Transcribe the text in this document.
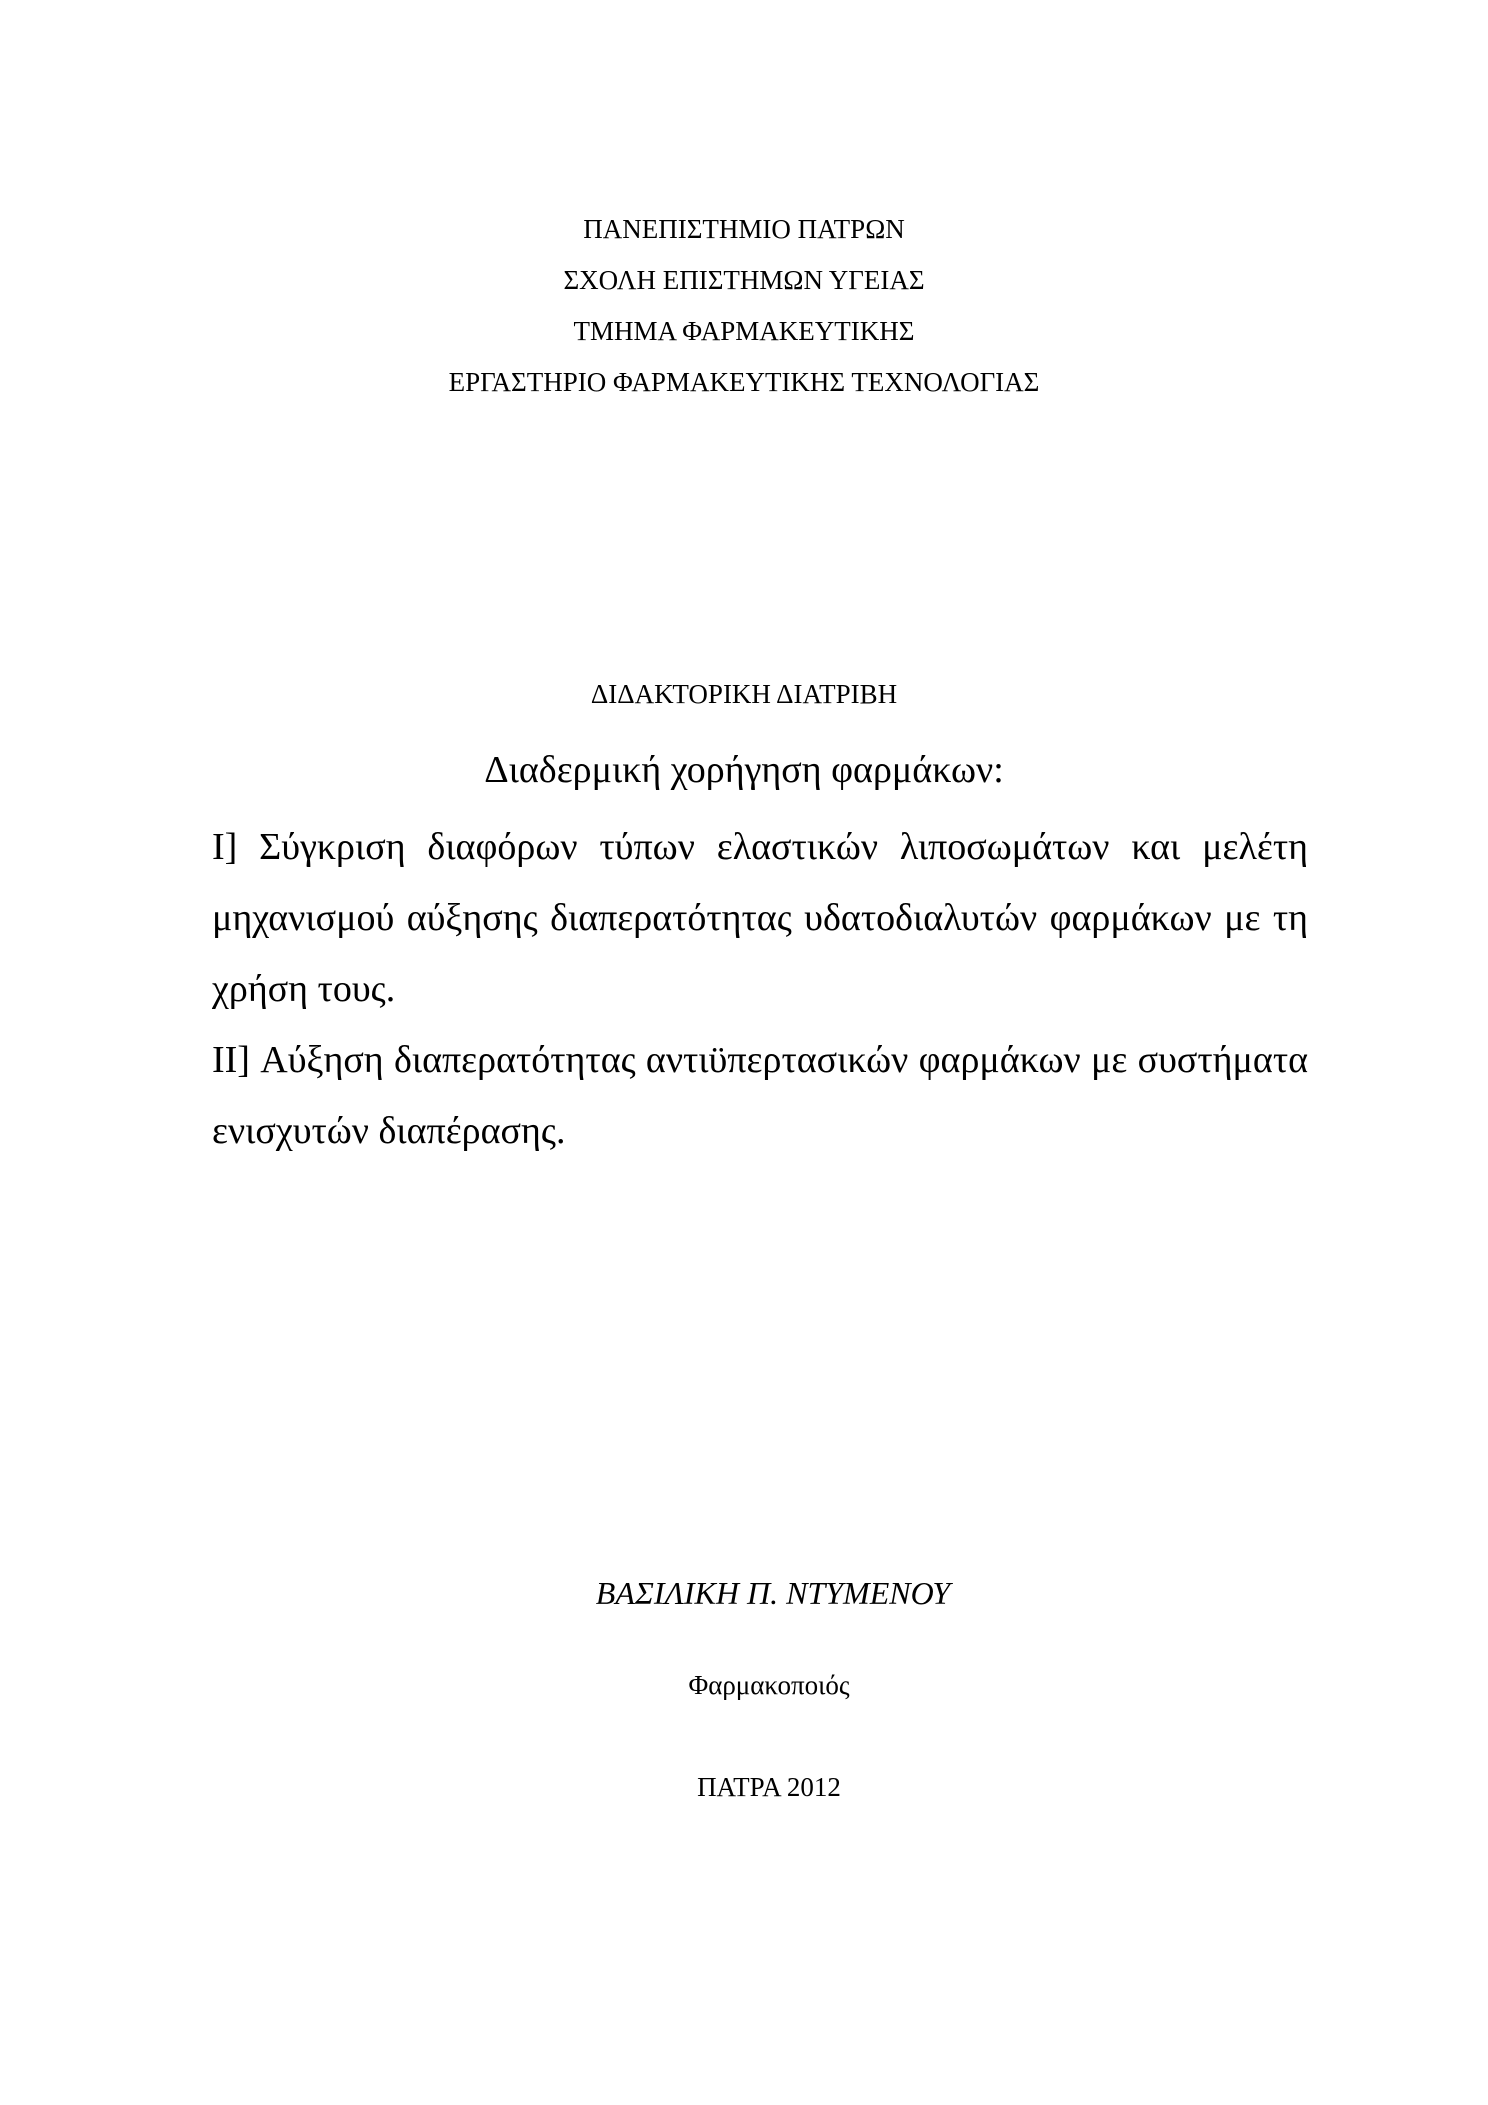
ΠΑΝΕΠΙΣΤΗΜΙΟ ΠΑΤΡΩΝ
ΣΧΟΛΗ ΕΠΙΣΤΗΜΩΝ ΥΓΕΙΑΣ
ΤΜΗΜΑ ΦΑΡΜΑΚΕΥΤΙΚΗΣ
ΕΡΓΑΣΤΗΡΙΟ ΦΑΡΜΑΚΕΥΤΙΚΗΣ ΤΕΧΝΟΛΟΓΙΑΣ
ΔΙΔΑΚΤΟΡΙΚΗ ΔΙΑΤΡΙΒΗ
Διαδερμική χορήγηση φαρμάκων:

I] Σύγκριση διαφόρων τύπων ελαστικών λιποσωμάτων και μελέτη μηχανισμού αύξησης διαπερατότητας υδατοδιαλυτών φαρμάκων με τη χρήση τους.

II] Αύξηση διαπερατότητας αντιϋπερτασικών φαρμάκων με συστήματα ενισχυτών διαπέρασης.

ΒΑΣΙΛΙΚΗ Π. ΝΤΥΜΕΝΟΥ
Φαρμακοποιός
ΠΑΤΡΑ 2012
